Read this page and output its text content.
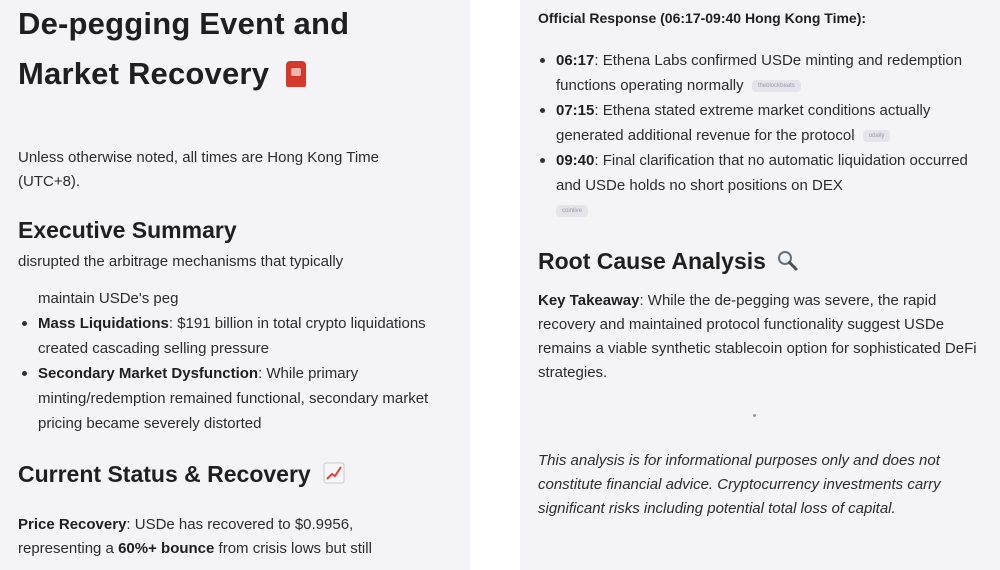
De-pegging Event and
Market Recovery

Unless otherwise noted, all times are Hong Kong Time (UTC+8).

Executive Summary
disrupted the arbitrage mechanisms that typically

maintain USDe's peg

Mass Liquidations: $191 billion in total crypto liquidations created cascading selling pressure
Secondary Market Dysfunction: While primary minting/redemption remained functional, secondary market pricing became severely distorted
Current Status & Recovery

Price Recovery: USDe has recovered to $0.9956, representing a 60%+ bounce from crisis lows but still

Official Response (06:17-09:40 Hong Kong Time):
06:17: Ethena Labs confirmed USDe minting and redemption functions operating normally theblockbeats
07:15: Ethena stated extreme market conditions actually generated additional revenue for the protocol odaily
09:40: Final clarification that no automatic liquidation occurred and USDe holds no short positions on DEX
coinlive
Root Cause Analysis

Key Takeaway: While the de-pegging was severe, the rapid recovery and maintained protocol functionality suggest USDe remains a viable synthetic stablecoin option for sophisticated DeFi strategies.

This analysis is for informational purposes only and does not constitute financial advice. Cryptocurrency investments carry significant risks including potential total loss of capital.
